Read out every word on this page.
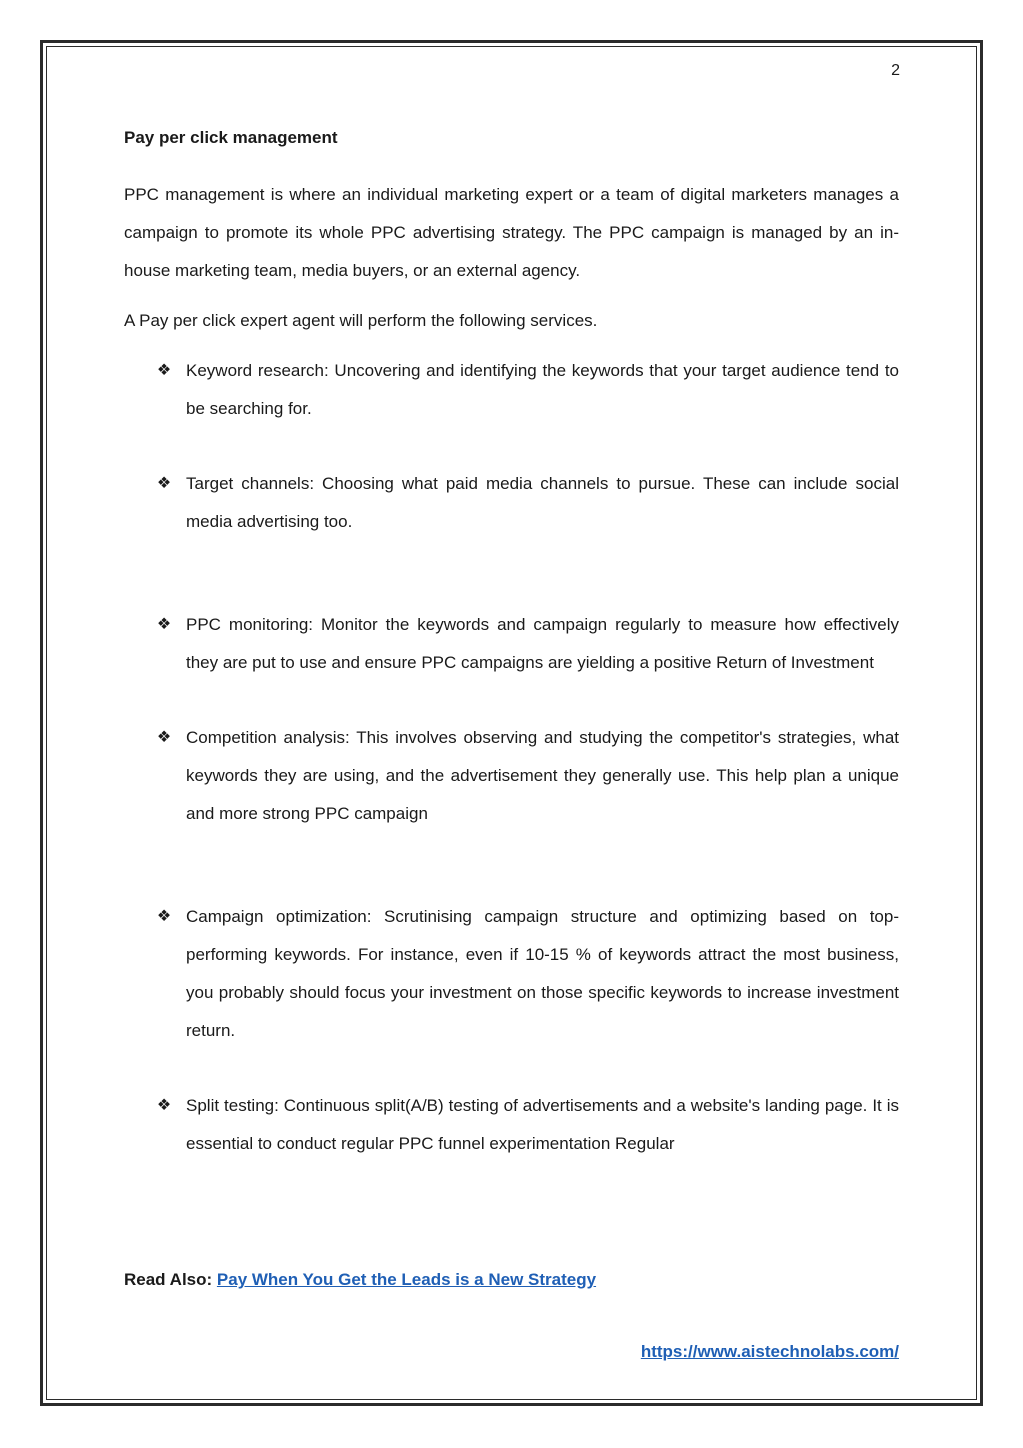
2
Pay per click management

PPC management is where an individual marketing expert or a team of digital marketers manages a campaign to promote its whole PPC advertising strategy. The PPC campaign is managed by an in-house marketing team, media buyers, or an external agency.

A Pay per click expert agent will perform the following services.

❖ Keyword research: Uncovering and identifying the keywords that your target audience tend to be searching for.
❖ Target channels: Choosing what paid media channels to pursue. These can include social media advertising too.
❖ PPC monitoring: Monitor the keywords and campaign regularly to measure how effectively they are put to use and ensure PPC campaigns are yielding a positive Return of Investment
❖ Competition analysis: This involves observing and studying the competitor's strategies, what keywords they are using, and the advertisement they generally use. This help plan a unique and more strong PPC campaign
❖ Campaign optimization: Scrutinising campaign structure and optimizing based on top-performing keywords. For instance, even if 10-15 % of keywords attract the most business, you probably should focus your investment on those specific keywords to increase investment return.
❖ Split testing: Continuous split(A/B) testing of advertisements and a website's landing page. It is essential to conduct regular PPC funnel experimentation Regular
Read Also: Pay When You Get the Leads is a New Strategy
https://www.aistechnolabs.com/
